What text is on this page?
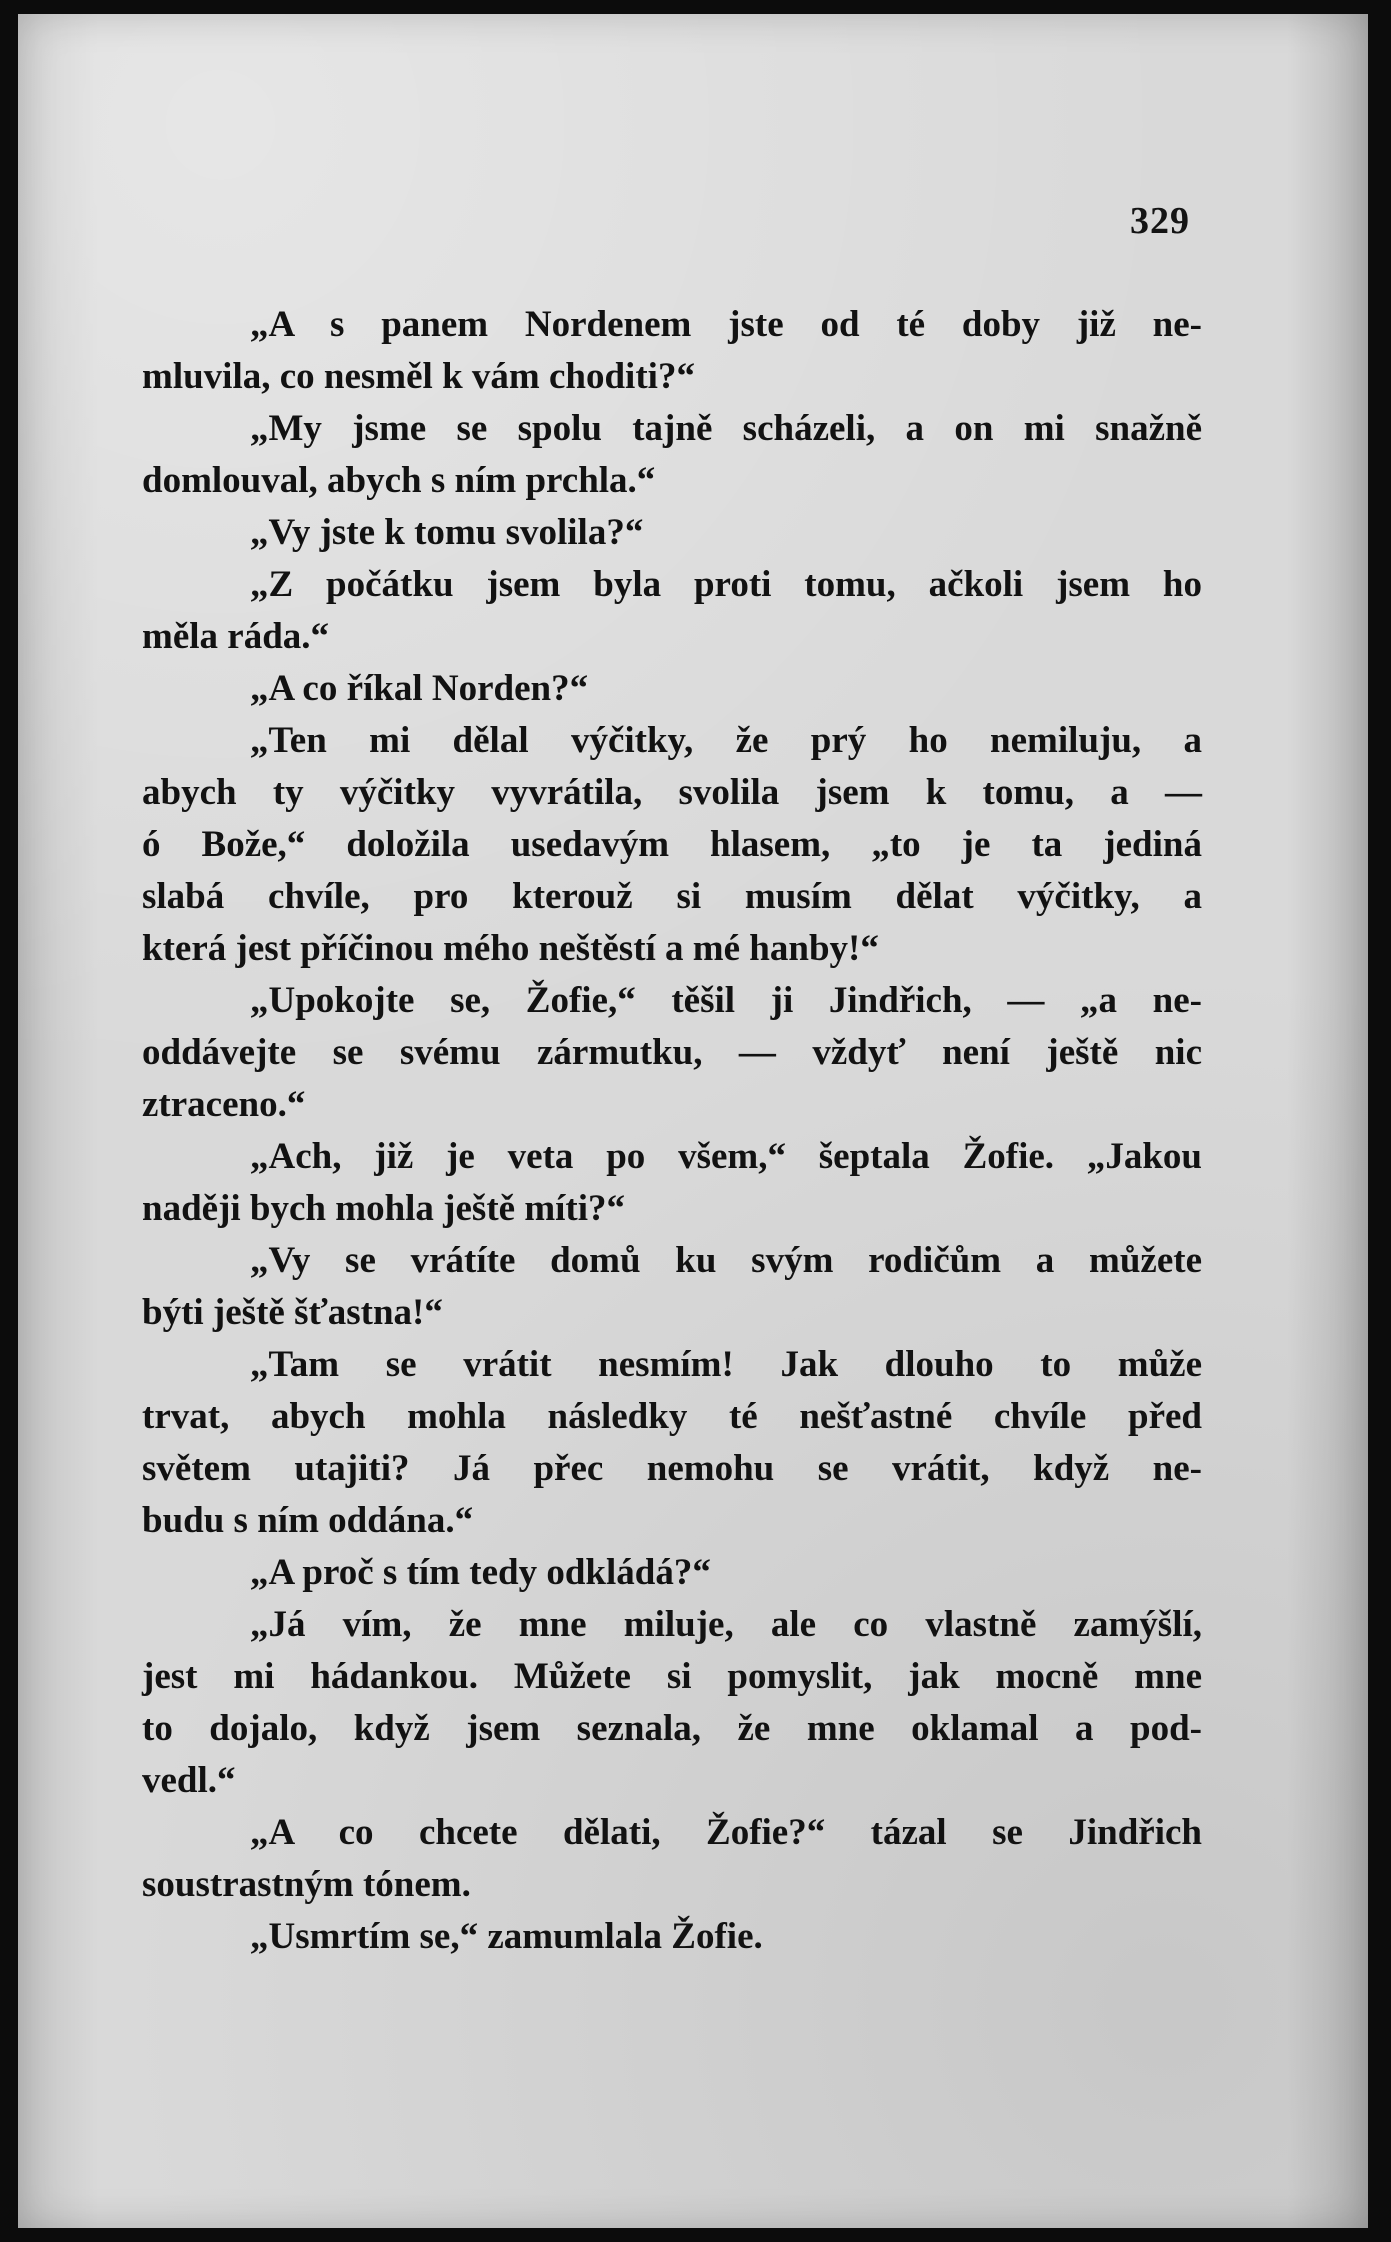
329
„A s panem Nordenem jste od té doby již ne-
mluvila, co nesměl k vám choditi?“
„My jsme se spolu tajně scházeli, a on mi snažně
domlouval, abych s ním prchla.“
„Vy jste k tomu svolila?“
„Z počátku jsem byla proti tomu, ačkoli jsem ho
měla ráda.“
„A co říkal Norden?“
„Ten mi dělal výčitky, že prý ho nemiluju, a
abych ty výčitky vyvrátila, svolila jsem k tomu, a —
ó Bože,“ doložila usedavým hlasem, „to je ta jediná
slabá chvíle, pro kterouž si musím dělat výčitky, a
která jest příčinou mého neštěstí a mé hanby!“
„Upokojte se, Žofie,“ těšil ji Jindřich, — „a ne-
oddávejte se svému zármutku, — vždyť není ještě nic
ztraceno.“
„Ach, již je veta po všem,“ šeptala Žofie. „Jakou
naději bych mohla ještě míti?“
„Vy se vrátíte domů ku svým rodičům a můžete
býti ještě šťastna!“
„Tam se vrátit nesmím! Jak dlouho to může
trvat, abych mohla následky té nešťastné chvíle před
světem utajiti? Já přec nemohu se vrátit, když ne-
budu s ním oddána.“
„A proč s tím tedy odkládá?“
„Já vím, že mne miluje, ale co vlastně zamýšlí,
jest mi hádankou. Můžete si pomyslit, jak mocně mne
to dojalo, když jsem seznala, že mne oklamal a pod-
vedl.“
„A co chcete dělati, Žofie?“ tázal se Jindřich
soustrastným tónem.
„Usmrtím se,“ zamumlala Žofie.
